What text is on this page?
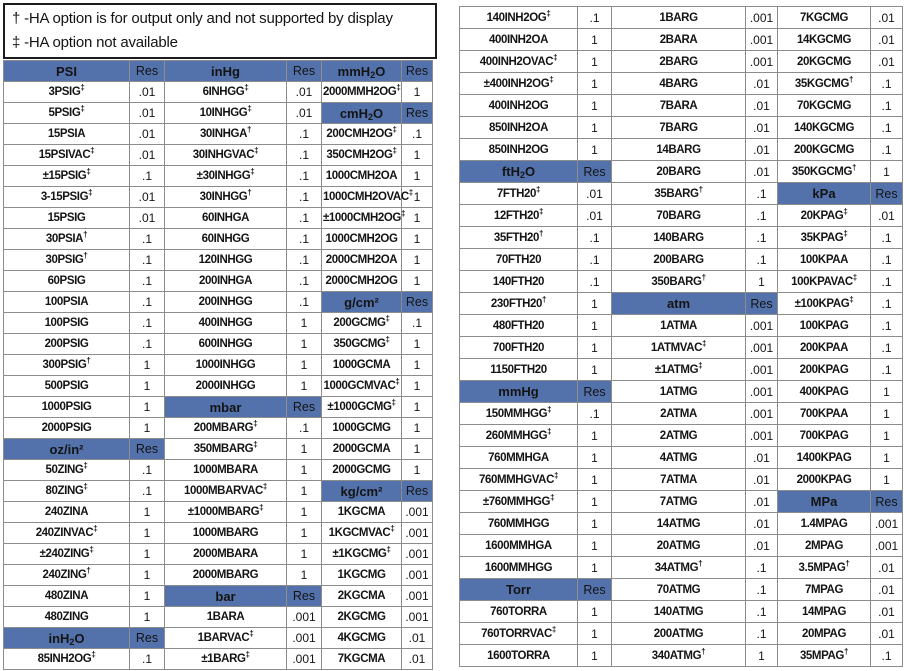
† -HA option is for output only and not supported by display
‡ -HA option not available
PSI	Res	inHg	Res	mmH$_2$O	Res
3PSIG‡	.01	6INHGG‡	.01	2000MMH2OG‡	1
5PSIG‡	.01	10INHGG‡	.01	cmH$_2$O	Res
15PSIA	.01	30INHGA†	.1	200CMH2OG‡	.1
15PSIVAC‡	.01	30INHGVAC‡	.1	350CMH2OG‡	1
±15PSIG‡	.1	±30INHGG‡	.1	1000CMH2OA	1
3-15PSIG‡	.01	30INHGG†	.1	1000CMH2OVAC‡	1
15PSIG	.01	60INHGA	.1	±1000CMH2OG‡	1
30PSIA†	.1	60INHGG	.1	1000CMH2OG	1
30PSIG†	.1	120INHGG	.1	2000CMH2OA	1
60PSIG	.1	200INHGA	.1	2000CMH2OG	1
100PSIA	.1	200INHGG	.1	g/cm²	Res
100PSIG	.1	400INHGG	1	200GCMG‡	.1
200PSIG	.1	600INHGG	1	350GCMG‡	1
300PSIG†	1	1000INHGG	1	1000GCMA	1
500PSIG	1	2000INHGG	1	1000GCMVAC‡	1
1000PSIG	1	mbar	Res	±1000GCMG‡	1
2000PSIG	1	200MBARG‡	.1	1000GCMG	1
oz/in²	Res	350MBARG‡	1	2000GCMA	1
50ZING‡	.1	1000MBARA	1	2000GCMG	1
80ZING‡	.1	1000MBARVAC‡	1	kg/cm²	Res
240ZINA	1	±1000MBARG‡	1	1KGCMA	.001
240ZINVAC‡	1	1000MBARG	1	1KGCMVAC‡	.001
±240ZING‡	1	2000MBARA	1	±1KGCMG‡	.001
240ZING†	1	2000MBARG	1	1KGCMG	.001
480ZINA	1	bar	Res	2KGCMA	.001
480ZING	1	1BARA	.001	2KGCMG	.001
inH$_2$O	Res	1BARVAC‡	.001	4KGCMG	.01
85INH2OG‡	.1	±1BARG‡	.001	7KGCMA	.01
140INH2OG‡	.1	1BARG	.001	7KGCMG	.01
400INH2OA	1	2BARA	.001	14KGCMG	.01
400INH2OVAC‡	1	2BARG	.001	20KGCMG	.01
±400INH2OG‡	1	4BARG	.01	35KGCMG†	.1
400INH2OG	1	7BARA	.01	70KGCMG	.1
850INH2OA	1	7BARG	.01	140KGCMG	.1
850INH2OG	1	14BARG	.01	200KGCMG	.1
ftH$_2$O	Res	20BARG	.01	350KGCMG†	1
7FTH20‡	.01	35BARG†	.1	kPa	Res
12FTH20‡	.01	70BARG	.1	20KPAG‡	.01
35FTH20†	.1	140BARG	.1	35KPAG‡	.1
70FTH20	.1	200BARG	.1	100KPAA	.1
140FTH20	.1	350BARG†	1	100KPAVAC‡	.1
230FTH20†	1	atm	Res	±100KPAG‡	.1
480FTH20	1	1ATMA	.001	100KPAG	.1
700FTH20	1	1ATMVAC‡	.001	200KPAA	.1
1150FTH20	1	±1ATMG‡	.001	200KPAG	.1
mmHg	Res	1ATMG	.001	400KPAG	1
150MMHGG‡	.1	2ATMA	.001	700KPAA	1
260MMHGG‡	1	2ATMG	.001	700KPAG	1
760MMHGA	1	4ATMG	.01	1400KPAG	1
760MMHGVAC‡	1	7ATMA	.01	2000KPAG	1
±760MMHGG‡	1	7ATMG	.01	MPa	Res
760MMHGG	1	14ATMG	.01	1.4MPAG	.001
1600MMHGA	1	20ATMG	.01	2MPAG	.001
1600MMHGG	1	34ATMG†	.1	3.5MPAG†	.01
Torr	Res	70ATMG	.1	7MPAG	.01
760TORRA	1	140ATMG	.1	14MPAG	.01
760TORRVAC‡	1	200ATMG	.1	20MPAG	.01
1600TORRA	1	340ATMG†	1	35MPAG†	.1
